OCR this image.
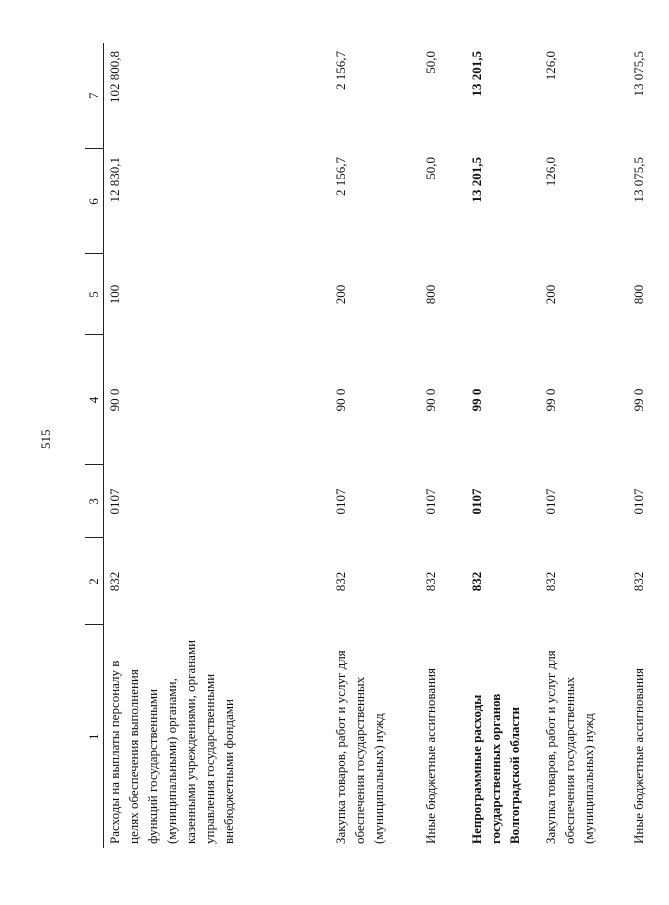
515
1	2	3	4	5	6	7
Расходы на выплаты персоналу в целях обеспечения выполнения функций государственными (муниципальными) органами, казенными учреждениями, органами управления государственными внебюджетными фондами	832	0107	90 0	100	12 830,1	102 800,8
Закупка товаров, работ и услуг для обеспечения государственных (муниципальных) нужд	832	0107	90 0	200	2 156,7	2 156,7
Иные бюджетные ассигнования	832	0107	90 0	800	50,0	50,0
Непрограммные расходы государственных органов Волгоградской области	832	0107	99 0		13 201,5	13 201,5
Закупка товаров, работ и услуг для обеспечения государственных (муниципальных) нужд	832	0107	99 0	200	126,0	126,0
Иные бюджетные ассигнования	832	0107	99 0	800	13 075,5	13 075,5
